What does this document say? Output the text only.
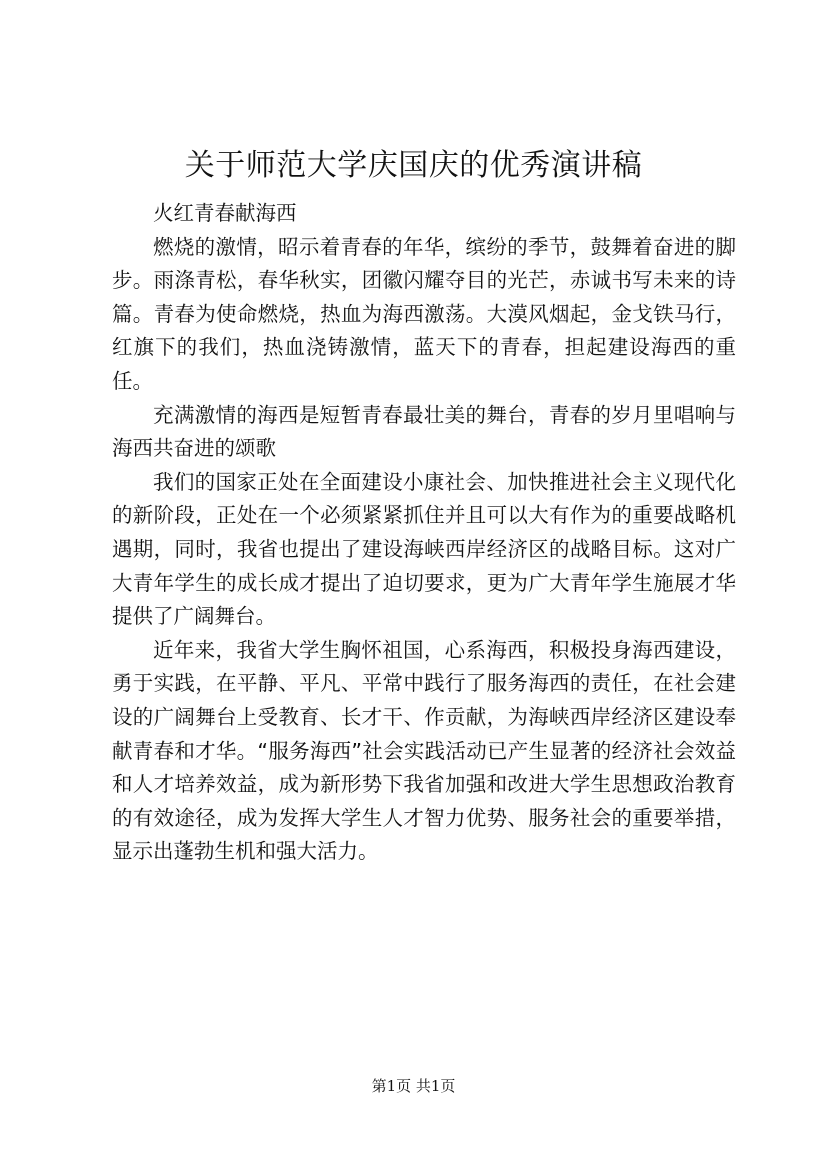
关于师范大学庆国庆的优秀演讲稿

火红青春献海西

燃烧的激情，昭示着青春的年华，缤纷的季节，鼓舞着奋进的脚步。雨涤青松，春华秋实，团徽闪耀夺目的光芒，赤诚书写未来的诗篇。青春为使命燃烧，热血为海西激荡。大漠风烟起，金戈铁马行，红旗下的我们，热血浇铸激情，蓝天下的青春，担起建设海西的重任。

充满激情的海西是短暂青春最壮美的舞台，青春的岁月里唱响与海西共奋进的颂歌

我们的国家正处在全面建设小康社会、加快推进社会主义现代化的新阶段，正处在一个必须紧紧抓住并且可以大有作为的重要战略机遇期，同时，我省也提出了建设海峡西岸经济区的战略目标。这对广大青年学生的成长成才提出了迫切要求，更为广大青年学生施展才华提供了广阔舞台。

近年来，我省大学生胸怀祖国，心系海西，积极投身海西建设，勇于实践，在平静、平凡、平常中践行了服务海西的责任，在社会建设的广阔舞台上受教育、长才干、作贡献，为海峡西岸经济区建设奉献青春和才华。“服务海西”社会实践活动已产生显著的经济社会效益和人才培养效益，成为新形势下我省加强和改进大学生思想政治教育的有效途径，成为发挥大学生人才智力优势、服务社会的重要举措，显示出蓬勃生机和强大活力。

第1页 共1页
